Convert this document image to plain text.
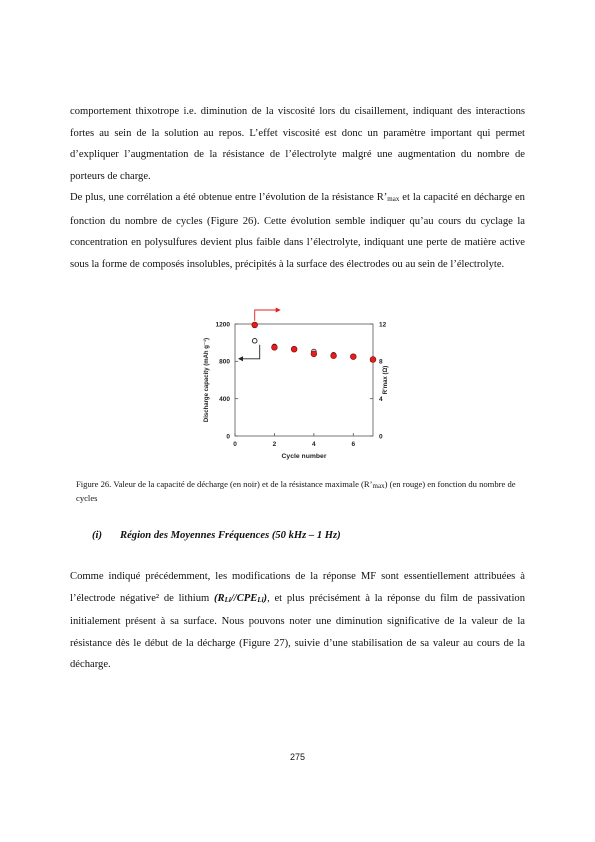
comportement thixotrope i.e. diminution de la viscosité lors du cisaillement, indiquant des interactions fortes au sein de la solution au repos. L’effet viscosité est donc un paramètre important qui permet d’expliquer l’augmentation de la résistance de l’électrolyte malgré une augmentation du nombre de porteurs de charge.

De plus, une corrélation a été obtenue entre l’évolution de la résistance R’max et la capacité en décharge en fonction du nombre de cycles (Figure 26). Cette évolution semble indiquer qu’au cours du cyclage la concentration en polysulfures devient plus faible dans l’électrolyte, indiquant une perte de matière active sous la forme de composés insolubles, précipités à la surface des électrodes ou au sein de l’électrolyte.

0	2	4	6
0
400
800
1200
0
4
8
12
Cycle number
Discharge capacity (mAh g⁻¹)	R’max (Ω)

Figure 26. Valeur de la capacité de décharge (en noir) et de la résistance maximale (R’max) (en rouge) en fonction du nombre de cycles

(i) Région des Moyennes Fréquences (50 kHz – 1 Hz)

Comme indiqué précédemment, les modifications de la réponse MF sont essentiellement attribuées à l’électrode négative² de lithium (RLi//CPELi), et plus précisément à la réponse du film de passivation initialement présent à sa surface. Nous pouvons noter une diminution significative de la valeur de la résistance dès le début de la décharge (Figure 27), suivie d’une stabilisation de sa valeur au cours de la décharge.

275
